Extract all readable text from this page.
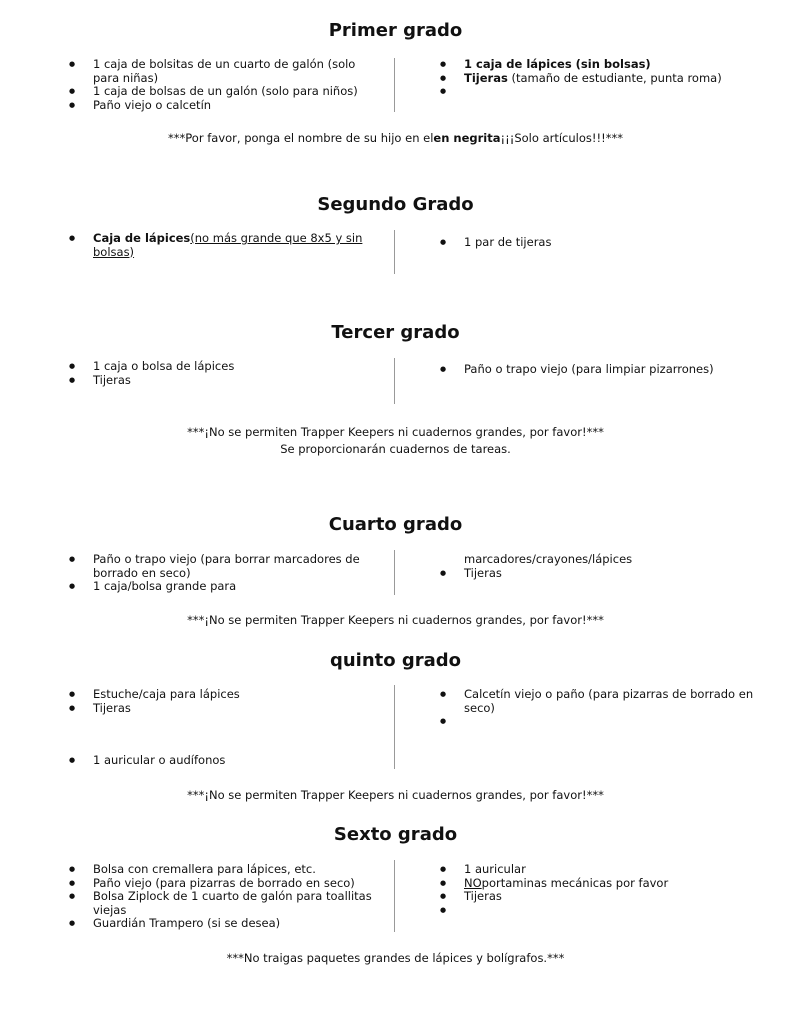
Primer grado

● 1 caja de bolsitas de un cuarto de galón (solo para niñas)

● 1 caja de bolsas de un galón (solo para niños)

● Paño viejo o calcetín

● 1 caja de lápices (sin bolsas)

● Tijeras (tamaño de estudiante, punta roma)

●

***Por favor, ponga el nombre de su hijo en elen negrita¡¡¡Solo artículos!!!***

Segundo Grado

● Caja de lápices(no más grande que 8x5 y sin bolsas)

● 1 par de tijeras

Tercer grado

● 1 caja o bolsa de lápices

● Tijeras

● Paño o trapo viejo (para limpiar pizarrones)

***¡No se permiten Trapper Keepers ni cuadernos grandes, por favor!***

Se proporcionarán cuadernos de tareas.

Cuarto grado

● Paño o trapo viejo (para borrar marcadores de borrado en seco)

● 1 caja/bolsa grande para

marcadores/crayones/lápices

● Tijeras

***¡No se permiten Trapper Keepers ni cuadernos grandes, por favor!***

quinto grado

● Estuche/caja para lápices

● Tijeras

● 1 auricular o audífonos

● Calcetín viejo o paño (para pizarras de borrado en seco)

●

***¡No se permiten Trapper Keepers ni cuadernos grandes, por favor!***

Sexto grado

● Bolsa con cremallera para lápices, etc.

● Paño viejo (para pizarras de borrado en seco)

● Bolsa Ziplock de 1 cuarto de galón para toallitas viejas

● Guardián Trampero (si se desea)

● 1 auricular

● NOportaminas mecánicas por favor

● Tijeras

●

***No traigas paquetes grandes de lápices y bolígrafos.***
